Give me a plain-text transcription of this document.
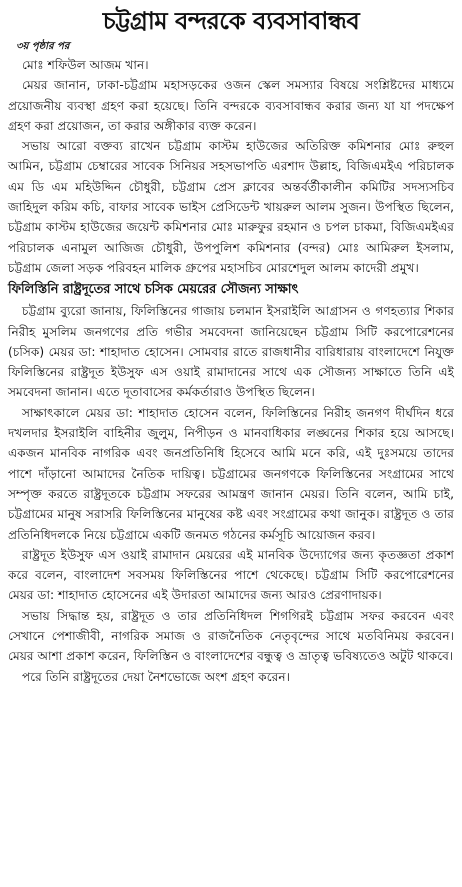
চট্টগ্রাম বন্দরকে ব্যবসাবান্ধব
৩য় পৃষ্ঠার পর

মোঃ শফিউল আজম খান।

মেয়র জানান, ঢাকা-চট্টগ্রাম মহাসড়কের ওজন স্কেল সমস্যার বিষয়ে সংশ্লিষ্টদের মাধ্যমে প্রয়োজনীয় ব্যবস্থা গ্রহণ করা হয়েছে। তিনি বন্দরকে ব্যবসাবান্ধব করার জন্য যা যা পদক্ষেপ গ্রহণ করা প্রয়োজন, তা করার অঙ্গীকার ব্যক্ত করেন।

সভায় আরো বক্তব্য রাখেন চট্টগ্রাম কাস্টম হাউজের অতিরিক্ত কমিশনার মোঃ রুহুল আমিন, চট্টগ্রাম চেম্বারের সাবেক সিনিয়র সহসভাপতি এরশাদ উল্লাহ, বিজিএমইএ পরিচালক এম ডি এম মহিউদ্দিন চৌধুরী, চট্টগ্রাম প্রেস ক্লাবের অন্তর্বর্তীকালীন কমিটির সদস্যসচিব জাহিদুল করিম কচি, বাফার সাবেক ভাইস প্রেসিডেন্ট খায়রুল আলম সুজন। উপস্থিত ছিলেন, চট্টগ্রাম কাস্টম হাউজের জয়েন্ট কমিশনার মোঃ মারুফুর রহমান ও চপল চাকমা, বিজিএমইএর পরিচালক এনামুল আজিজ চৌধুরী, উপপুলিশ কমিশনার (বন্দর) মোঃ আমিরুল ইসলাম, চট্টগ্রাম জেলা সড়ক পরিবহন মালিক গ্রুপের মহাসচিব মোরশেদুল আলম কাদেরী প্রমুখ।

ফিলিস্তিনি রাষ্ট্রদূতের সাথে চসিক মেয়রের সৌজন্য সাক্ষাৎ

চট্টগ্রাম ব্যুরো জানায়, ফিলিস্তিনের গাজায় চলমান ইসরাইলি আগ্রাসন ও গণহত্যার শিকার নিরীহ মুসলিম জনগণের প্রতি গভীর সমবেদনা জানিয়েছেন চট্টগ্রাম সিটি করপোরেশনের (চসিক) মেয়র ডা: শাহাদাত হোসেন। সোমবার রাতে রাজধানীর বারিধারায় বাংলাদেশে নিযুক্ত ফিলিস্তিনের রাষ্ট্রদূত ইউসুফ এস ওয়াই রামাদানের সাথে এক সৌজন্য সাক্ষাতে তিনি এই সমবেদনা জানান। এতে দূতাবাসের কর্মকর্তারাও উপস্থিত ছিলেন।

সাক্ষাৎকালে মেয়র ডা: শাহাদাত হোসেন বলেন, ফিলিস্তিনের নিরীহ জনগণ দীর্ঘদিন ধরে দখলদার ইসরাইলি বাহিনীর জুলুম, নিপীড়ন ও মানবাধিকার লঙ্ঘনের শিকার হয়ে আসছে। একজন মানবিক নাগরিক এবং জনপ্রতিনিধি হিসেবে আমি মনে করি, এই দুঃসময়ে তাদের পাশে দাঁড়ানো আমাদের নৈতিক দায়িত্ব। চট্টগ্রামের জনগণকে ফিলিস্তিনের সংগ্রামের সাথে সম্পৃক্ত করতে রাষ্ট্রদূতকে চট্টগ্রাম সফরের আমন্ত্রণ জানান মেয়র। তিনি বলেন, আমি চাই, চট্টগ্রামের মানুষ সরাসরি ফিলিস্তিনের মানুষের কষ্ট এবং সংগ্রামের কথা জানুক। রাষ্ট্রদূত ও তার প্রতিনিধিদলকে নিয়ে চট্টগ্রামে একটি জনমত গঠনের কর্মসূচি আয়োজন করব।

রাষ্ট্রদূত ইউসুফ এস ওয়াই রামাদান মেয়রের এই মানবিক উদ্যোগের জন্য কৃতজ্ঞতা প্রকাশ করে বলেন, বাংলাদেশ সবসময় ফিলিস্তিনের পাশে থেকেছে। চট্টগ্রাম সিটি করপোরেশনের মেয়র ডা: শাহাদাত হোসেনের এই উদারতা আমাদের জন্য আরও প্রেরণাদায়ক।

সভায় সিদ্ধান্ত হয়, রাষ্ট্রদূত ও তার প্রতিনিধিদল শিগগিরই চট্টগ্রাম সফর করবেন এবং সেখানে পেশাজীবী, নাগরিক সমাজ ও রাজনৈতিক নেতৃবৃন্দের সাথে মতবিনিময় করবেন। মেয়র আশা প্রকাশ করেন, ফিলিস্তিন ও বাংলাদেশের বন্ধুত্ব ও ভ্রাতৃত্ব ভবিষ্যতেও অটুট থাকবে।

পরে তিনি রাষ্ট্রদূতের দেয়া নৈশভোজে অংশ গ্রহণ করেন।
